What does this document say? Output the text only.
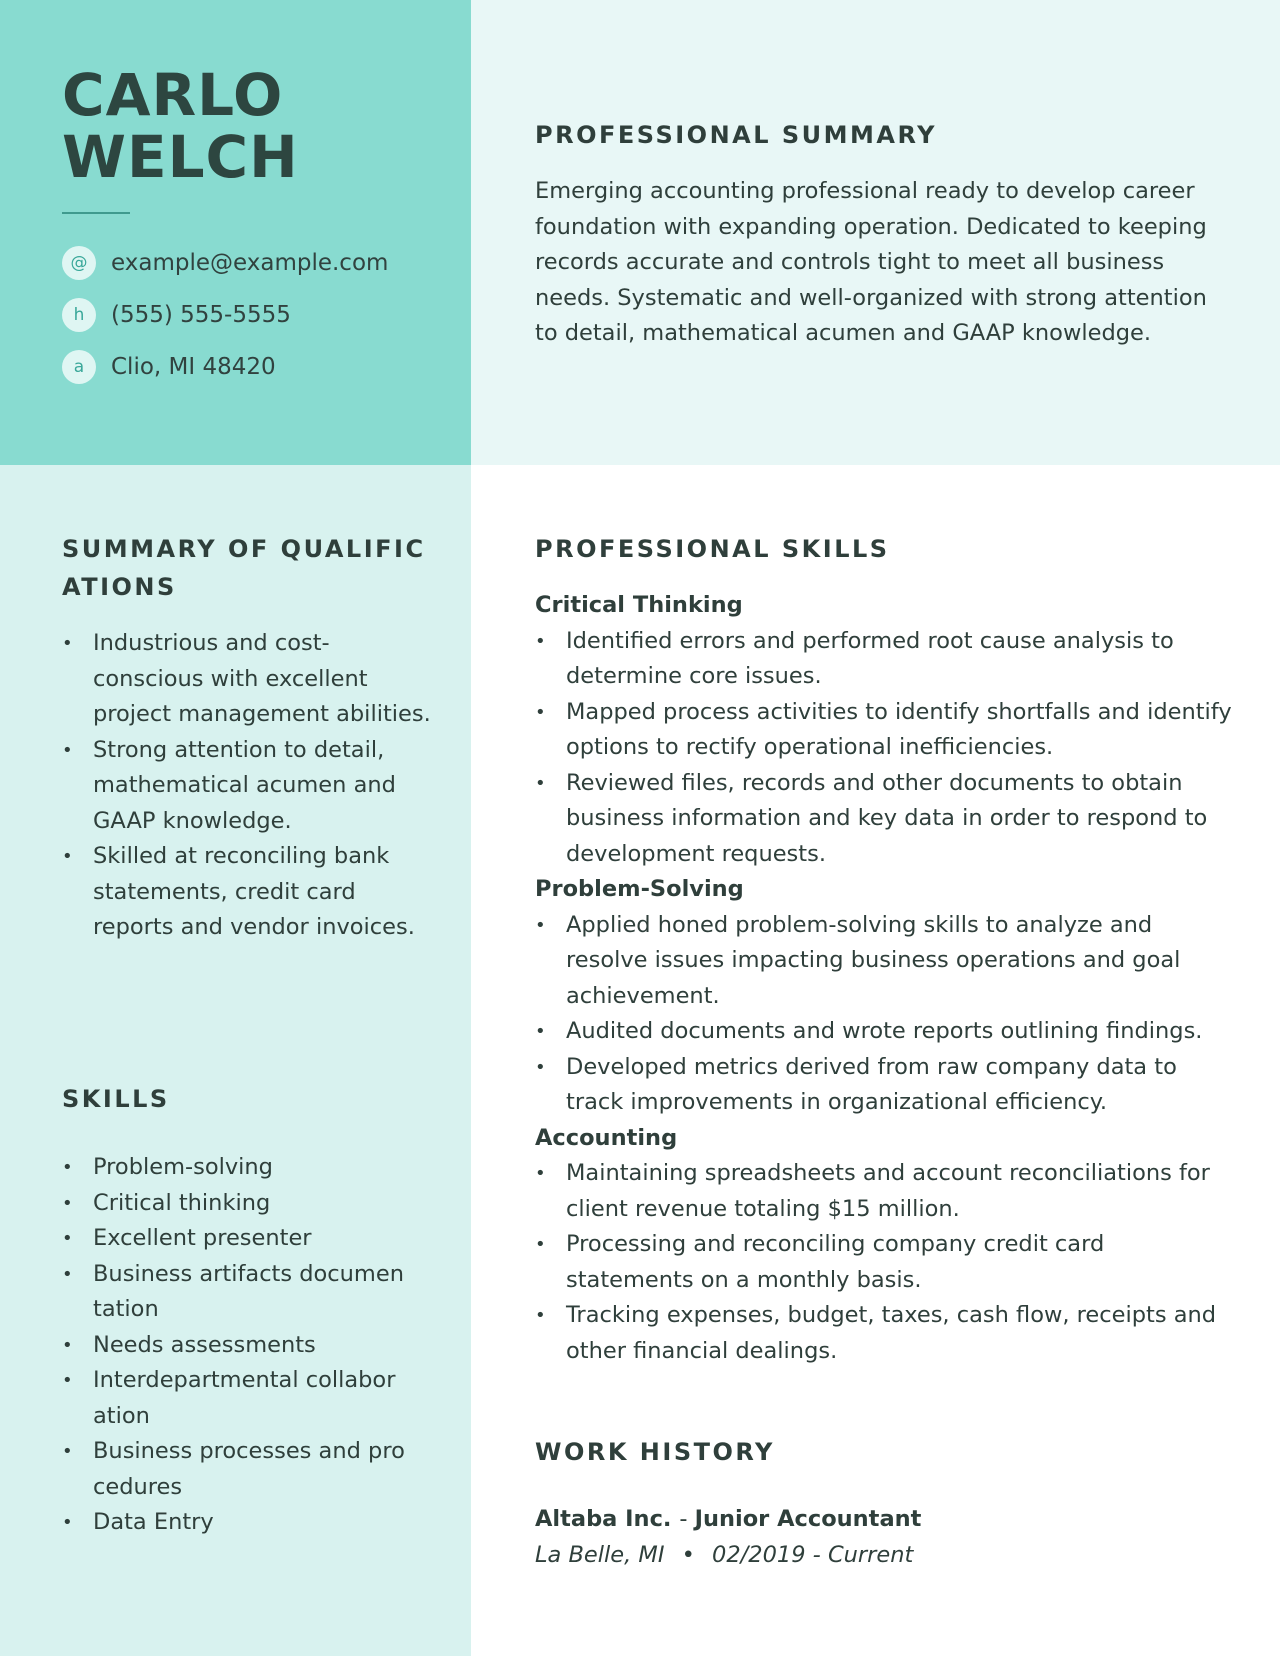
CARLO
WELCH
@	example@example.com
h	(555) 555-5555
a	Clio, MI 48420
PROFESSIONAL SUMMARY

Emerging accounting professional ready to develop career foundation with expanding operation. Dedicated to keeping records accurate and controls tight to meet all business needs. Systematic and well-organized with strong attention to detail, mathematical acumen and GAAP knowledge.

SUMMARY OF QUALIFIC
ATIONS
• Industrious and cost-conscious with excellent project management abilities.
• Strong attention to detail, mathematical acumen and GAAP knowledge.
• Skilled at reconciling bank statements, credit card reports and vendor invoices.
SKILLS
• Problem-solving
• Critical thinking
• Excellent presenter
• Business artifacts documen tation
• Needs assessments
• Interdepartmental collabor ation
• Business processes and pro cedures
• Data Entry
PROFESSIONAL SKILLS

Critical Thinking

• Identified errors and performed root cause analysis to determine core issues.
• Mapped process activities to identify shortfalls and identify options to rectify operational inefficiencies.
• Reviewed files, records and other documents to obtain business information and key data in order to respond to development requests.

Problem-Solving

• Applied honed problem-solving skills to analyze and resolve issues impacting business operations and goal achievement.
• Audited documents and wrote reports outlining findings.
• Developed metrics derived from raw company data to track improvements in organizational efficiency.

Accounting

• Maintaining spreadsheets and account reconciliations for client revenue totaling $15 million.
• Processing and reconciling company credit card statements on a monthly basis.
• Tracking expenses, budget, taxes, cash flow, receipts and other financial dealings.
WORK HISTORY

Altaba Inc. - Junior Accountant

La Belle, MI • 02/2019 - Current
